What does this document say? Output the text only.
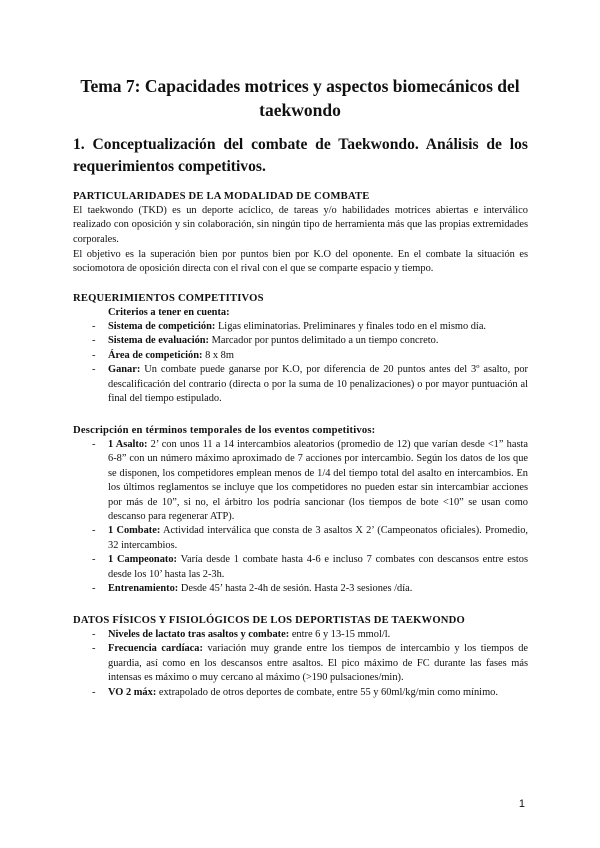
Tema 7: Capacidades motrices y aspectos biomecánicos del taekwondo
1. Conceptualización del combate de Taekwondo. Análisis de los requerimientos competitivos.
PARTICULARIDADES DE LA MODALIDAD DE COMBATE
El taekwondo (TKD) es un deporte acíclico, de tareas y/o habilidades motrices abiertas e interválico realizado con oposición y sin colaboración, sin ningún tipo de herramienta más que las propias extremidades corporales.
El objetivo es la superación bien por puntos bien por K.O del oponente. En el combate la situación es sociomotora de oposición directa con el rival con el que se comparte espacio y tiempo.
REQUERIMIENTOS COMPETITIVOS
Criterios a tener en cuenta:
- Sistema de competición: Ligas eliminatorias. Preliminares y finales todo en el mismo día.
- Sistema de evaluación: Marcador por puntos delimitado a un tiempo concreto.
- Área de competición: 8 x 8m
- Ganar: Un combate puede ganarse por K.O, por diferencia de 20 puntos antes del 3º asalto, por descalificación del contrario (directa o por la suma de 10 penalizaciones) o por mayor puntuación al final del tiempo estipulado.
Descripción en términos temporales de los eventos competitivos:
- 1 Asalto: 2’ con unos 11 a 14 intercambios aleatorios (promedio de 12) que varían desde <1” hasta 6-8” con un número máximo aproximado de 7 acciones por intercambio. Según los datos de los que se disponen, los competidores emplean menos de 1/4 del tiempo total del asalto en intercambios. En los últimos reglamentos se incluye que los competidores no pueden estar sin intercambiar acciones por más de 10”, si no, el árbitro los podría sancionar (los tiempos de bote <10” se usan como descanso para regenerar ATP).
- 1 Combate: Actividad interválica que consta de 3 asaltos X 2’ (Campeonatos oficiales). Promedio, 32 intercambios.
- 1 Campeonato: Varía desde 1 combate hasta 4-6 e incluso 7 combates con descansos entre estos desde los 10’ hasta las 2-3h.
- Entrenamiento: Desde 45’ hasta 2-4h de sesión. Hasta 2-3 sesiones /día.
DATOS FÍSICOS Y FISIOLÓGICOS DE LOS DEPORTISTAS DE TAEKWONDO
- Niveles de lactato tras asaltos y combate: entre 6 y 13-15 mmol/l.
- Frecuencia cardíaca: variación muy grande entre los tiempos de intercambio y los tiempos de guardia, así como en los descansos entre asaltos. El pico máximo de FC durante las fases más intensas es máximo o muy cercano al máximo (>190 pulsaciones/min).
- VO 2 máx: extrapolado de otros deportes de combate, entre 55 y 60ml/kg/min como mínimo.
1
